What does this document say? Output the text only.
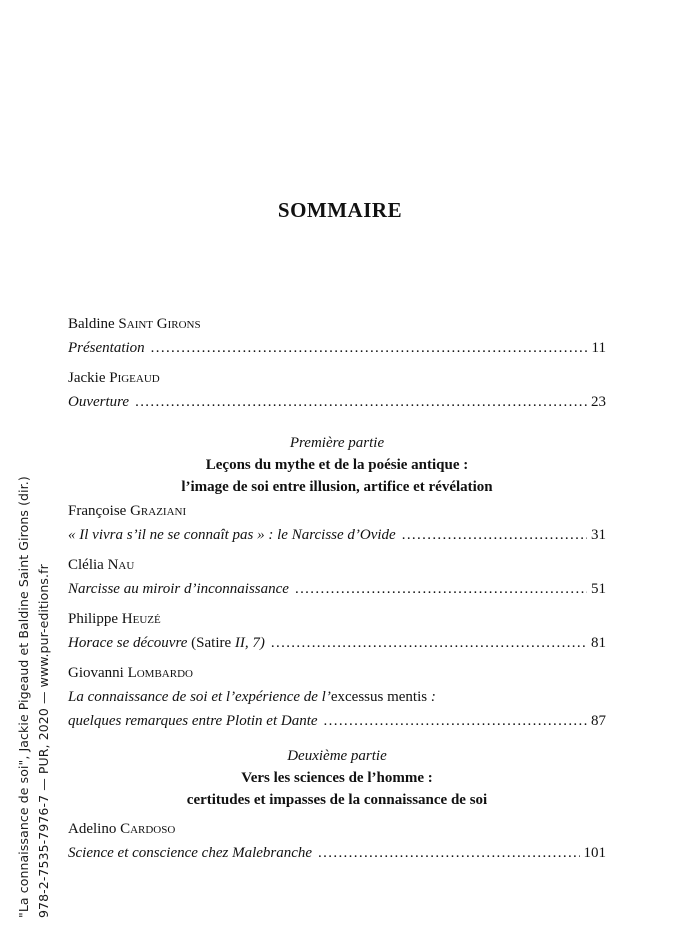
"La connaissance de soi", Jackie Pigeaud et Baldine Saint Girons (dir.) 978-2-7535-7976-7 — PUR, 2020 — www.pur-editions.fr
SOMMAIRE
Baldine Saint Girons
Présentation . . .	11
Jackie Pigeaud
Ouverture . . .	23
Première partie
Leçons du mythe et de la poésie antique :
l’image de soi entre illusion, artifice et révélation
Françoise Graziani
« Il vivra s’il ne se connaît pas » : le Narcisse d’Ovide . . .	31
Clélia Nau
Narcisse au miroir d’inconnaissance . . .	51
Philippe Heuzé
Horace se découvre (Satire II, 7) . . .	81
Giovanni Lombardo
La connaissance de soi et l’expérience de l’excessus mentis :
quelques remarques entre Plotin et Dante . . .	87
Deuxième partie
Vers les sciences de l’homme :
certitudes et impasses de la connaissance de soi
Adelino Cardoso
Science et conscience chez Malebranche . . .	101
